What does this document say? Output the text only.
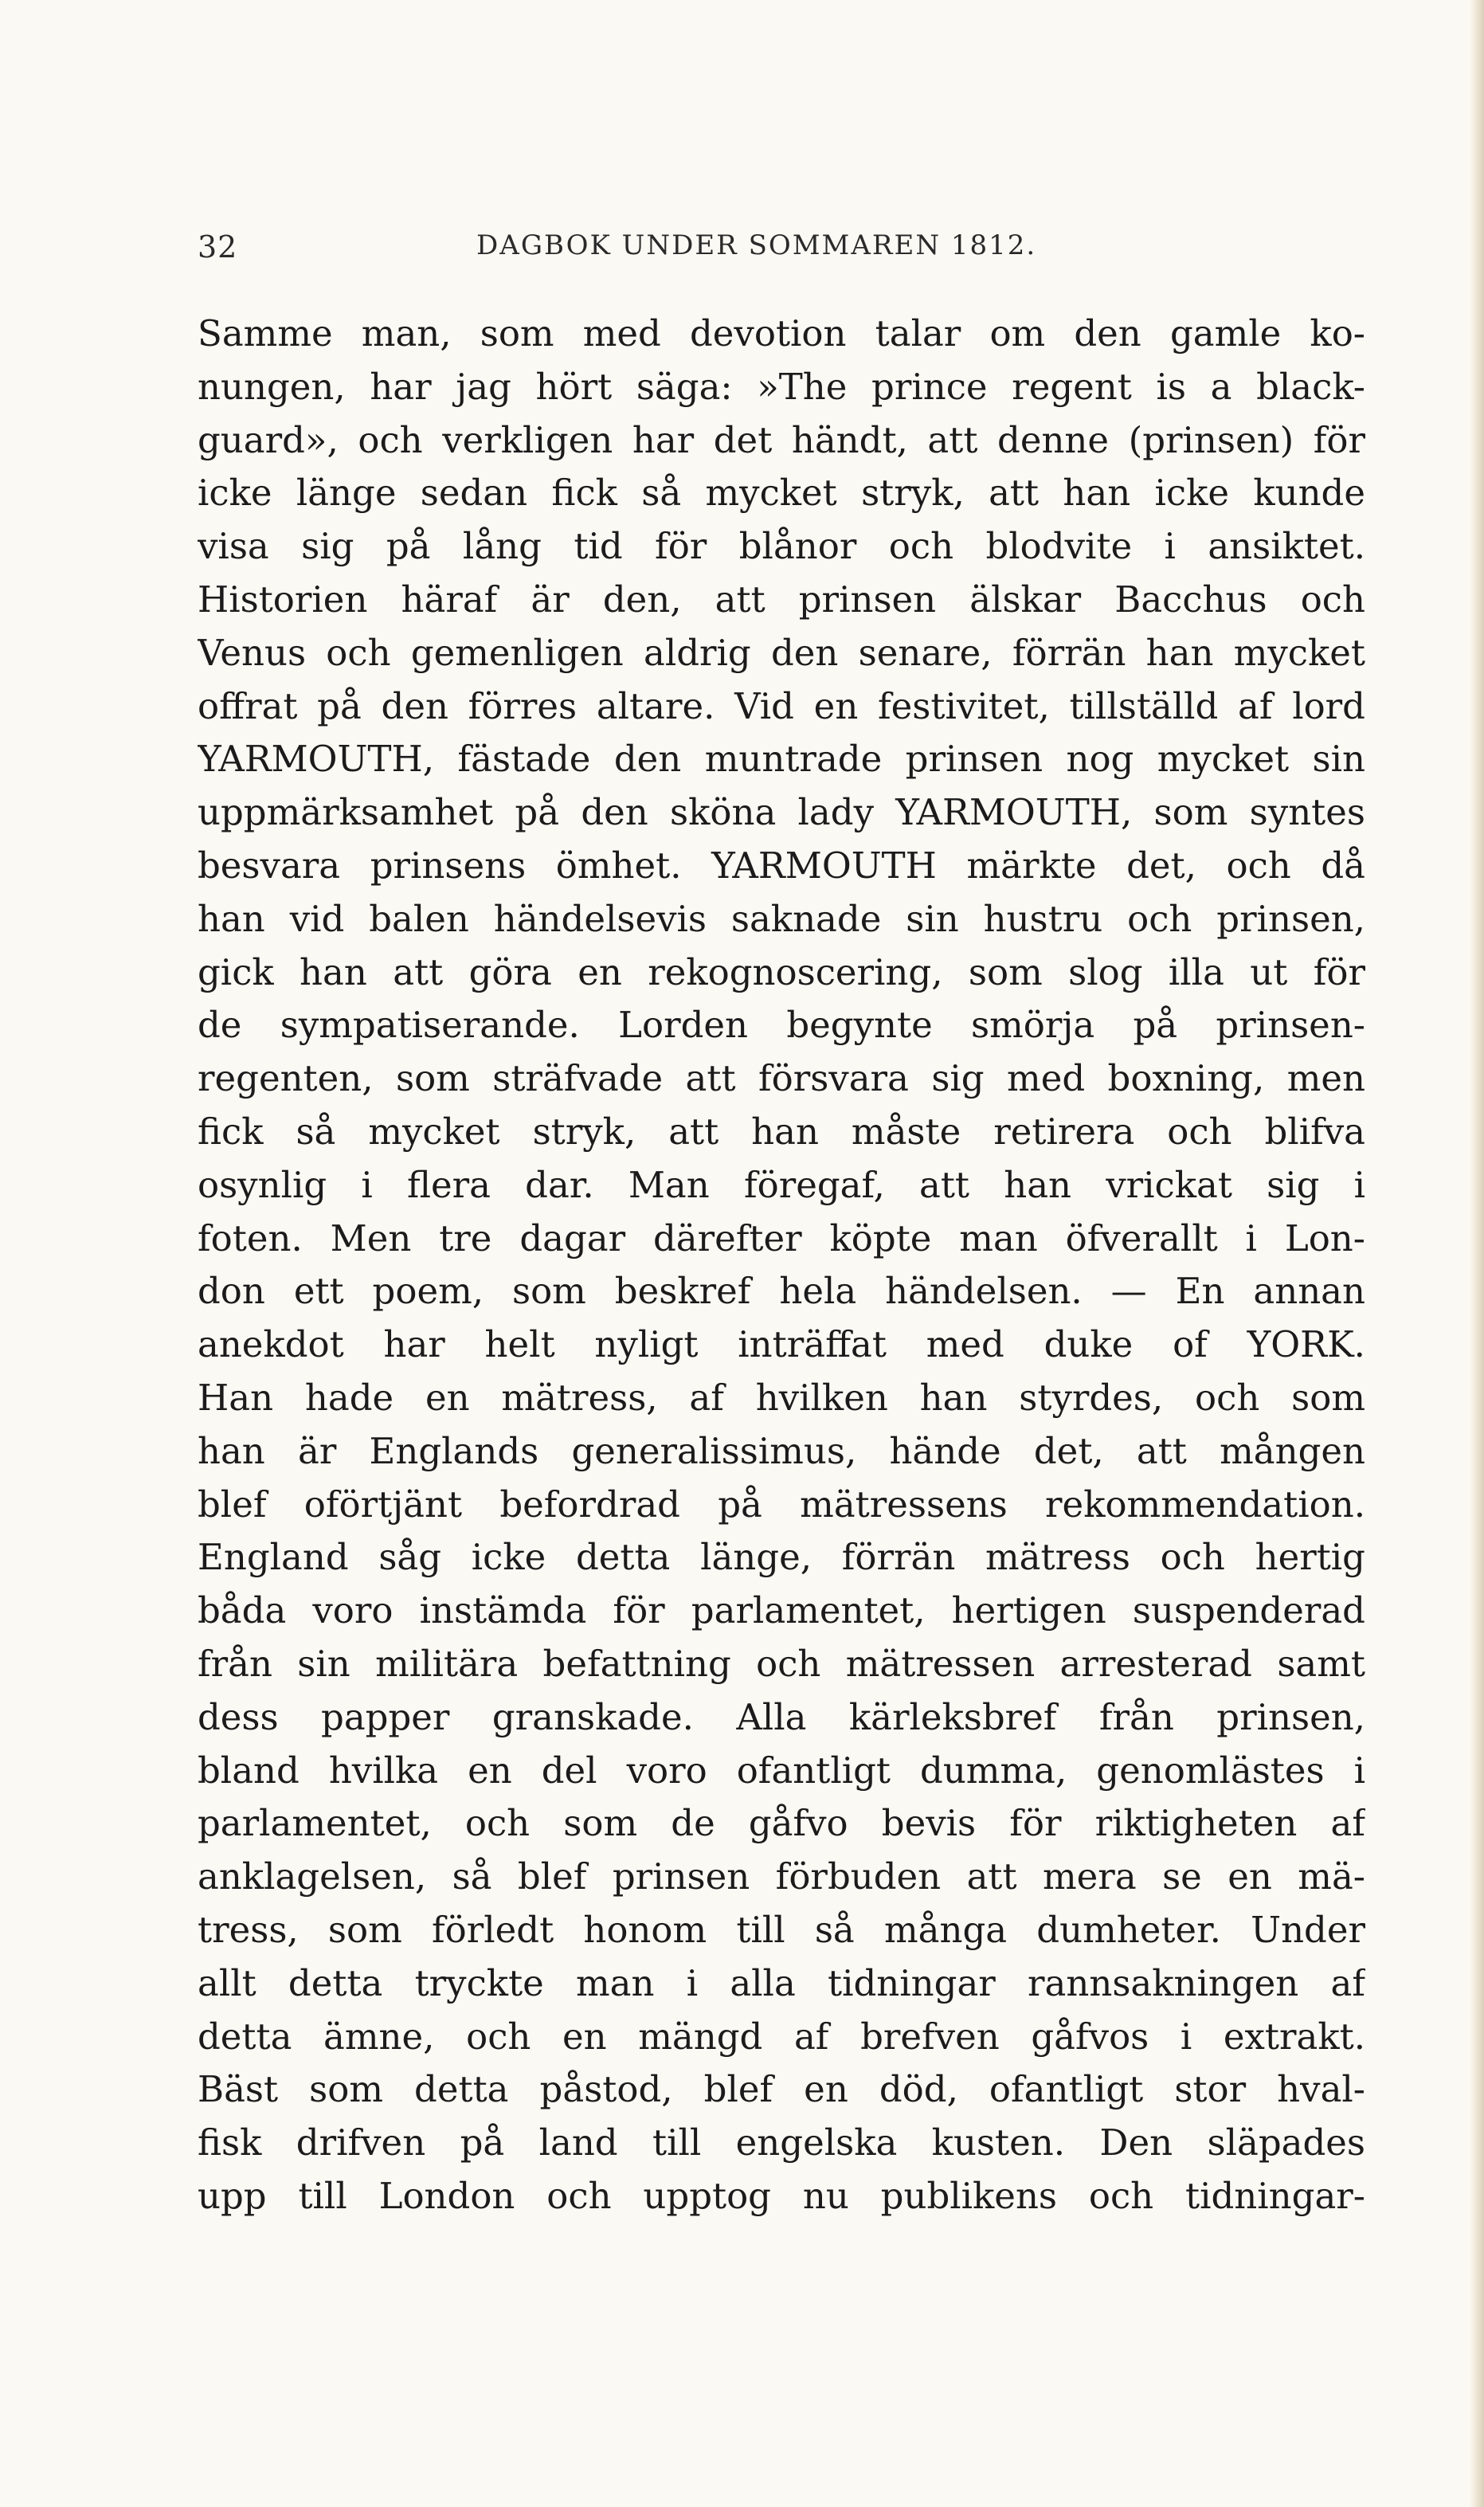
32	DAGBOK UNDER SOMMAREN 1812.
Samme man, som med devotion talar om den gamle ko-
nungen, har jag hört säga: »The prince regent is a black-
guard», och verkligen har det händt, att denne (prinsen) för
icke länge sedan fick så mycket stryk, att han icke kunde
visa sig på lång tid för blånor och blodvite i ansiktet.
Historien häraf är den, att prinsen älskar Bacchus och
Venus och gemenligen aldrig den senare, förrän han mycket
offrat på den förres altare. Vid en festivitet, tillställd af lord
YARMOUTH, fästade den muntrade prinsen nog mycket sin
uppmärksamhet på den sköna lady YARMOUTH, som syntes
besvara prinsens ömhet. YARMOUTH märkte det, och då
han vid balen händelsevis saknade sin hustru och prinsen,
gick han att göra en rekognoscering, som slog illa ut för
de sympatiserande. Lorden begynte smörja på prinsen-
regenten, som sträfvade att försvara sig med boxning, men
fick så mycket stryk, att han måste retirera och blifva
osynlig i flera dar. Man föregaf, att han vrickat sig i
foten. Men tre dagar därefter köpte man öfverallt i Lon-
don ett poem, som beskref hela händelsen. — En annan
anekdot har helt nyligt inträffat med duke of YORK.
Han hade en mätress, af hvilken han styrdes, och som
han är Englands generalissimus, hände det, att mången
blef oförtjänt befordrad på mätressens rekommendation.
England såg icke detta länge, förrän mätress och hertig
båda voro instämda för parlamentet, hertigen suspenderad
från sin militära befattning och mätressen arresterad samt
dess papper granskade. Alla kärleksbref från prinsen,
bland hvilka en del voro ofantligt dumma, genomlästes i
parlamentet, och som de gåfvo bevis för riktigheten af
anklagelsen, så blef prinsen förbuden att mera se en mä-
tress, som förledt honom till så många dumheter. Under
allt detta tryckte man i alla tidningar rannsakningen af
detta ämne, och en mängd af brefven gåfvos i extrakt.
Bäst som detta påstod, blef en död, ofantligt stor hval-
fisk drifven på land till engelska kusten. Den släpades
upp till London och upptog nu publikens och tidningar-
